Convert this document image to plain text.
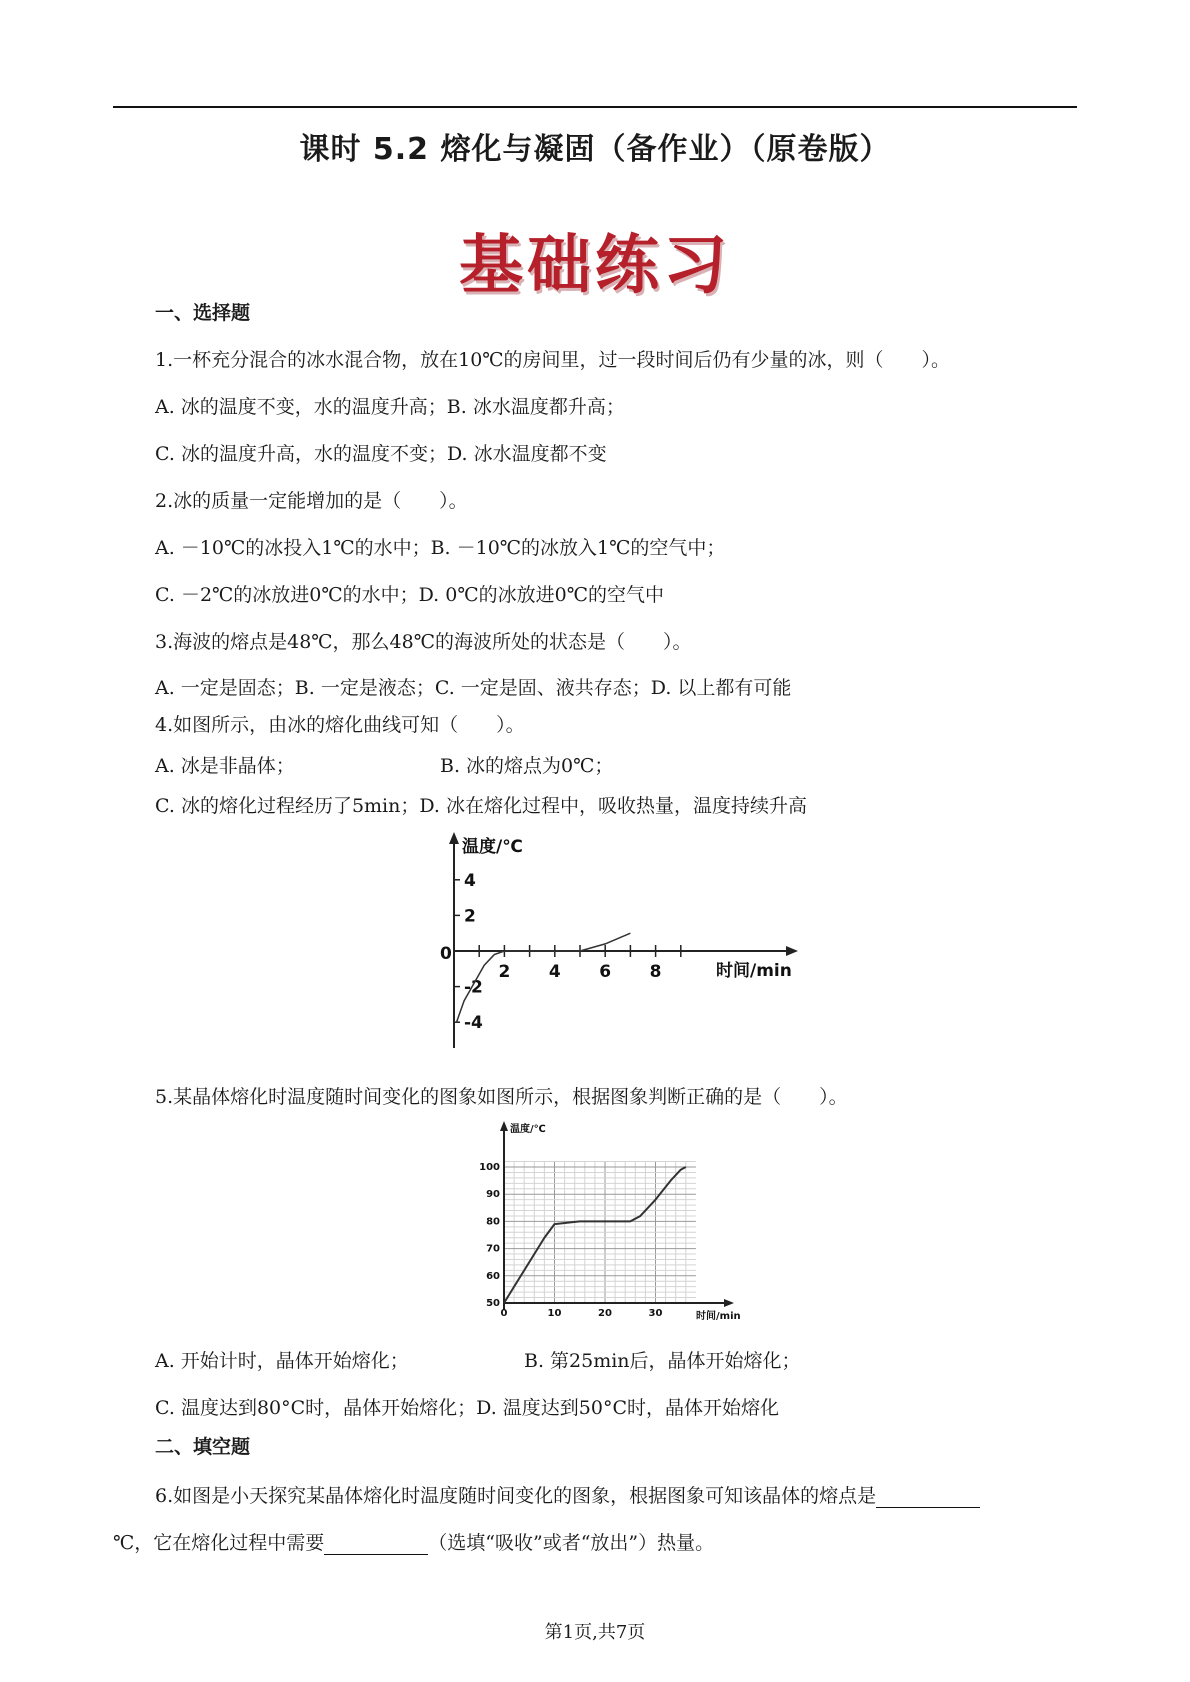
课时 5.2 熔化与凝固（备作业）（原卷版）
基础练习
一、选择题
1.一杯充分混合的冰水混合物，放在10℃的房间里，过一段时间后仍有少量的冰，则（　　）。
A. 冰的温度不变，水的温度升高；B. 冰水温度都升高；
C. 冰的温度升高，水的温度不变；D. 冰水温度都不变
2.冰的质量一定能增加的是（　　）。
A. －10℃的冰投入1℃的水中；B. －10℃的冰放入1℃的空气中；
C. －2℃的冰放进0℃的水中；D. 0℃的冰放进0℃的空气中
3.海波的熔点是48℃，那么48℃的海波所处的状态是（　　）。
A. 一定是固态；B. 一定是液态；C. 一定是固、液共存态；D. 以上都有可能
4.如图所示，由冰的熔化曲线可知（　　）。
A. 冰是非晶体；	B. 冰的熔点为0℃；
C. 冰的熔化过程经历了5min；D. 冰在熔化过程中，吸收热量，温度持续升高
温度/℃
时间/min
0
2 4 6 8
4
2
-2
-4
5.某晶体熔化时温度随时间变化的图象如图所示，根据图象判断正确的是（　　）。
温度/℃
时间/min
0	10	20	30
100
90
80
70
60
50
A. 开始计时，晶体开始熔化；	B. 第25min后，晶体开始熔化；
C. 温度达到80°C时，晶体开始熔化；D. 温度达到50°C时，晶体开始熔化
二、填空题
6.如图是小天探究某晶体熔化时温度随时间变化的图象，根据图象可知该晶体的熔点是
℃，它在熔化过程中需要	（选填“吸收”或者“放出”）热量。
第1页,共7页
